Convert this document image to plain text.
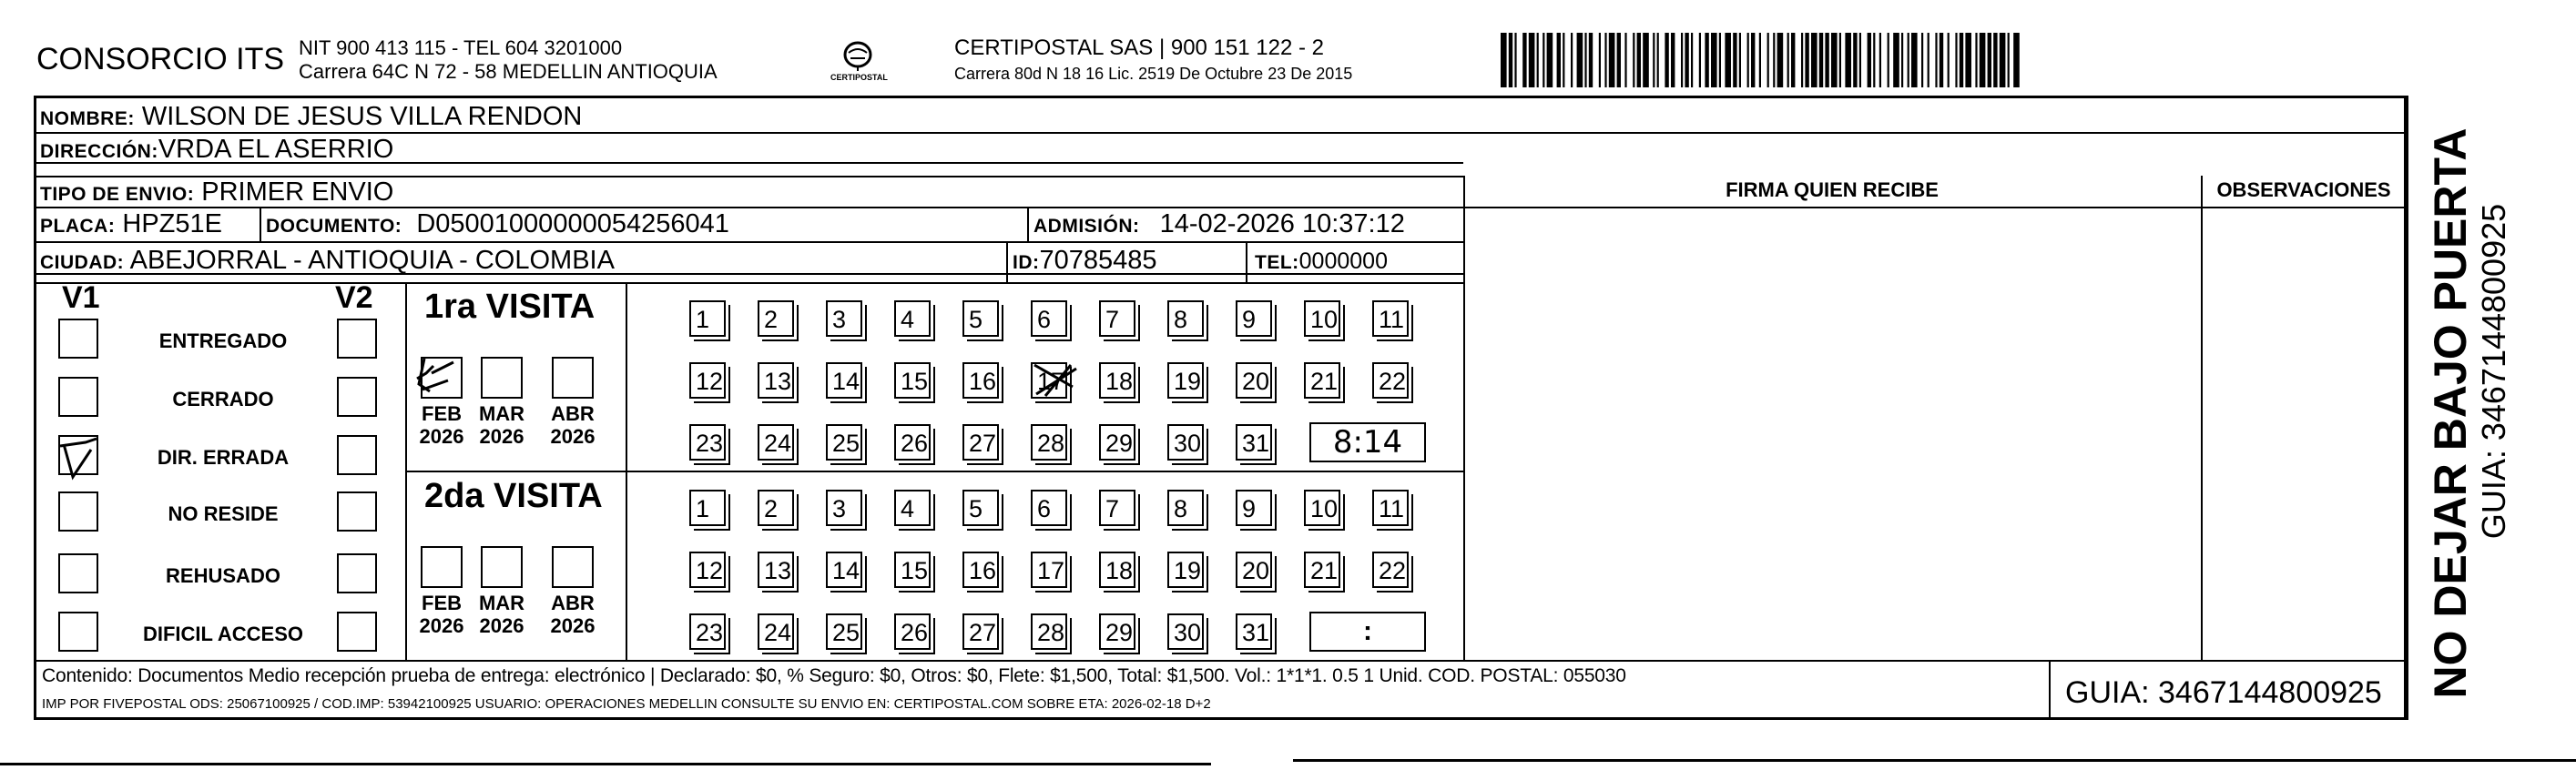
CONSORCIO ITS NIT 900 413 115 - TEL 604 3201000
Carrera 64C N 72 - 58 MEDELLIN ANTIOQUIA	CERTIPOSTAL
CERTIPOSTAL SAS | 900 151 122 - 2
Carrera 80d N 18 16 Lic. 2519 De Octubre 23 De 2015
NOMBRE: WILSON DE JESUS VILLA RENDON
DIRECCIÓN:VRDA EL ASERRIO
TIPO DE ENVIO: PRIMER ENVIO
PLACA: HPZ51E DOCUMENTO: D05001000000054256041	ADMISIÓN: 14-02-2026 10:37:12
CIUDAD: ABEJORRAL - ANTIOQUIA - COLOMBIA	ID:70785485	TEL:0000000
FIRMA QUIEN RECIBE	OBSERVACIONES
V1	V2
ENTREGADO
CERRADO
DIR. ERRADA
NO RESIDE
REHUSADO
DIFICIL ACCESO
1ra VISITA
FEB
2026
MAR
2026
ABR
2026
1	2	3	4	5	6	7	8	9	10 11
12 13 14 15 16 17 18 19 20 21 22
23 24 25 26 27 28 29 30 31	8:14
2da VISITA
FEB
2026
MAR
2026
ABR
2026
1	2	3	4	5	6	7	8	9	10 11
12 13 14 15 16 17 18 19 20 21 22
23 24 25 26 27 28 29 30 31	:
Contenido: Documentos Medio recepción prueba de entrega: electrónico | Declarado: $0, % Seguro: $0, Otros: $0, Flete: $1,500, Total: $1,500. Vol.: 1*1*1. 0.5 1 Unid. COD. POSTAL: 055030
IMP POR FIVEPOSTAL ODS: 25067100925 / COD.IMP: 53942100925 USUARIO: OPERACIONES MEDELLIN CONSULTE SU ENVIO EN: CERTIPOSTAL.COM SOBRE ETA: 2026-02-18 D+2	GUIA: 3467144800925 NO DEJAR BAJO PUERTA GUIA: 3467144800925
